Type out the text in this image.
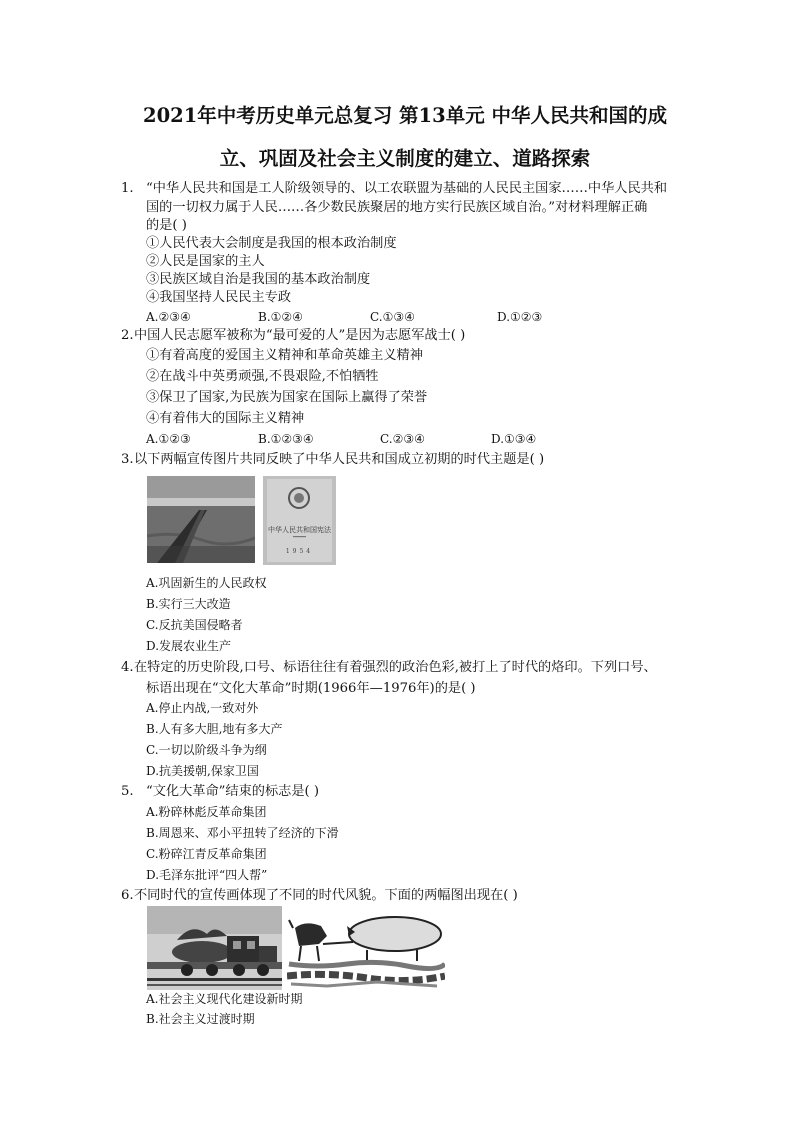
2021年中考历史单元总复习 第13单元 中华人民共和国的成
立、巩固及社会主义制度的建立、道路探索
1. “中华人民共和国是工人阶级领导的、以工农联盟为基础的人民民主国家……中华人民共和
国的一切权力属于人民……各少数民族聚居的地方实行民族区域自治。”对材料理解正确
的是( )
①人民代表大会制度是我国的根本政治制度
②人民是国家的主人
③民族区域自治是我国的基本政治制度
④我国坚持人民民主专政
A.②③④	B.①②④	C.①③④	D.①②③
2. 中国人民志愿军被称为“最可爱的人”是因为志愿军战士( )
①有着高度的爱国主义精神和革命英雄主义精神
②在战斗中英勇顽强,不畏艰险,不怕牺牲
③保卫了国家,为民族为国家在国际上赢得了荣誉
④有着伟大的国际主义精神
A.①②③	B.①②③④	C.②③④	D.①③④
3. 以下两幅宣传图片共同反映了中华人民共和国成立初期的时代主题是( )
中华人民共和国宪法
1954
A.巩固新生的人民政权
B.实行三大改造
C.反抗美国侵略者
D.发展农业生产
4. 在特定的历史阶段,口号、标语往往有着强烈的政治色彩,被打上了时代的烙印。下列口号、
标语出现在“文化大革命”时期(1966年—1976年)的是( )
A.停止内战,一致对外
B.人有多大胆,地有多大产
C.一切以阶级斗争为纲
D.抗美援朝,保家卫国
5. “文化大革命”结束的标志是( )
A.粉碎林彪反革命集团
B.周恩来、邓小平扭转了经济的下滑
C.粉碎江青反革命集团
D.毛泽东批评“四人帮”
6. 不同时代的宣传画体现了不同的时代风貌。下面的两幅图出现在( )
A.社会主义现代化建设新时期
B.社会主义过渡时期
